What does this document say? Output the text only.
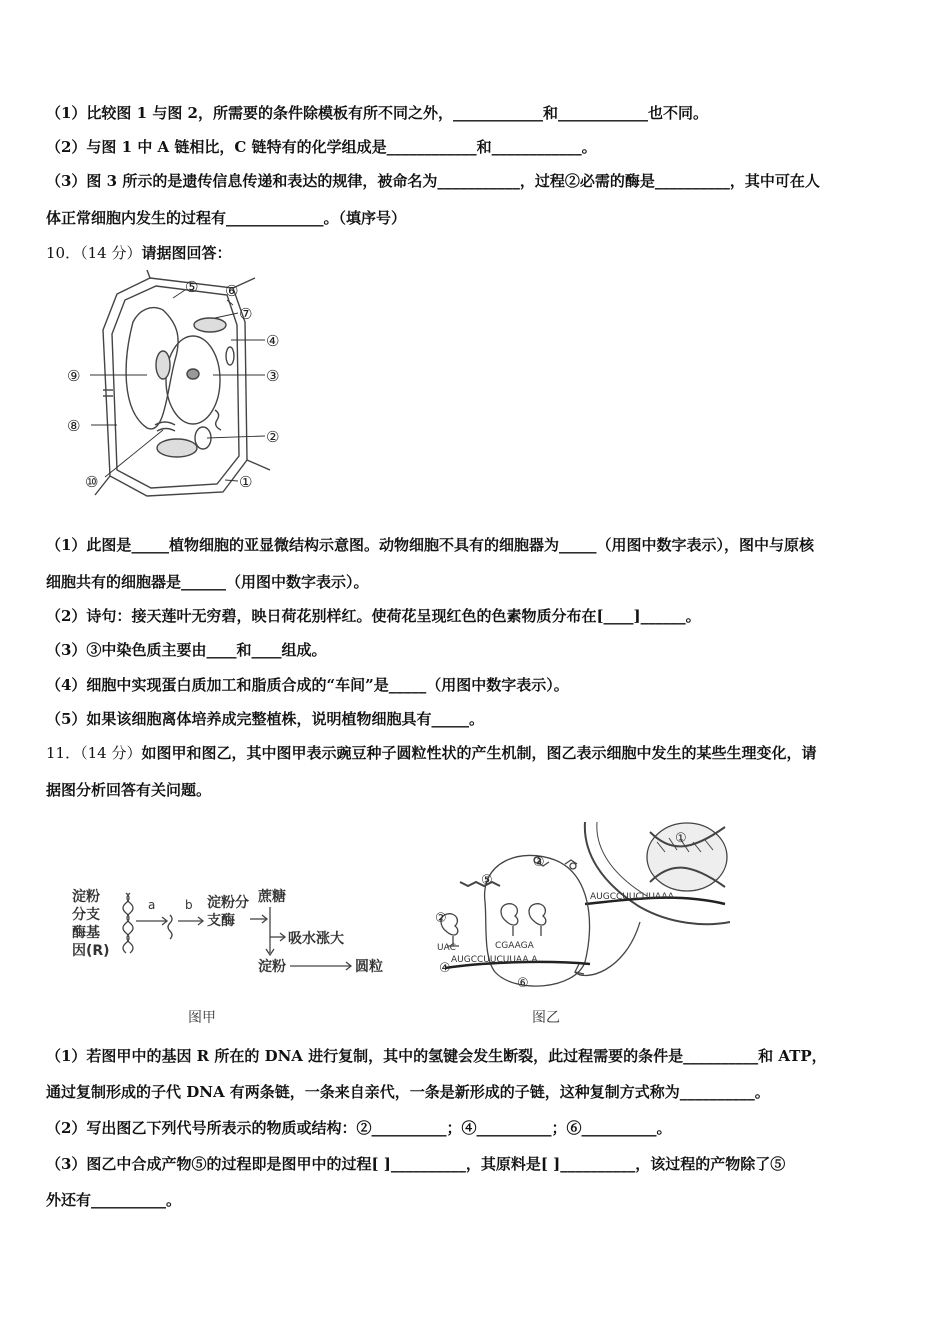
（1）比较图 1 与图 2，所需要的条件除模板有所不同之外，____________和____________也不同。
（2）与图 1 中 A 链相比，C 链特有的化学组成是____________和____________。
（3）图 3 所示的是遗传信息传递和表达的规律，被命名为___________，过程②必需的酶是__________，其中可在人
体正常细胞内发生的过程有_____________。（填序号）
10．（14 分）请据图回答：
①
②
③
④
⑤ ⑥
⑦
⑧
⑨
⑩
（1）此图是_____植物细胞的亚显微结构示意图。动物细胞不具有的细胞器为_____（用图中数字表示），图中与原核
细胞共有的细胞器是______（用图中数字表示）。
（2）诗句：接天莲叶无穷碧，映日荷花别样红。使荷花呈现红色的色素物质分布在[____]______。
（3）③中染色质主要由____和____组成。
（4）细胞中实现蛋白质加工和脂质合成的“车间”是_____（用图中数字表示）。
（5）如果该细胞离体培养成完整植株，说明植物细胞具有_____。
11．（14 分）如图甲和图乙，其中图甲表示豌豆种子圆粒性状的产生机制，图乙表示细胞中发生的某些生理变化，请
据图分析回答有关问题。
淀粉
分支
酶基
因(R)
淀粉分
支酶
蔗糖
吸水涨大
淀粉	圆粒
a b
图甲
AUGCCUUCUUAAA
AUGCCUUCUUAA A
UAC	CGAAGA
①
②
③
④
⑤
⑥
图乙
（1）若图甲中的基因 R 所在的 DNA 进行复制，其中的氢键会发生断裂，此过程需要的条件是__________和 ATP，
通过复制形成的子代 DNA 有两条链，一条来自亲代，一条是新形成的子链，这种复制方式称为__________。
（2）写出图乙下列代号所表示的物质或结构：②__________；④__________；⑥__________。
（3）图乙中合成产物⑤的过程即是图甲中的过程[ ]__________，其原料是[ ]__________，该过程的产物除了⑤
外还有__________。
